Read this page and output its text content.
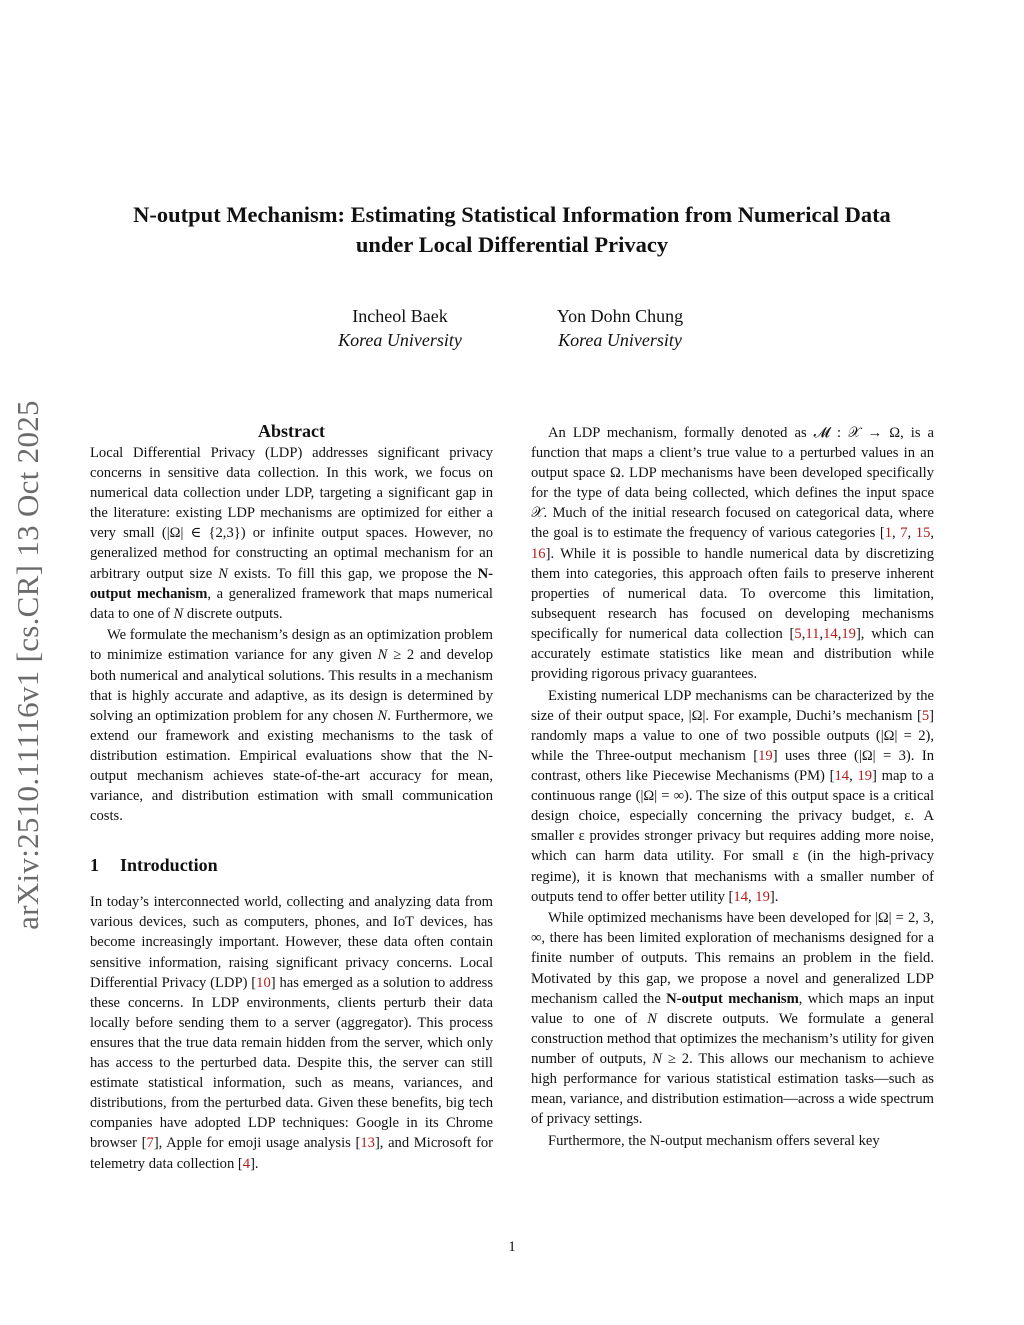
arXiv:2510.11116v1 [cs.CR] 13 Oct 2025
N-output Mechanism: Estimating Statistical Information from Numerical Data
under Local Differential Privacy
Incheol Baek
Korea University
Yon Dohn Chung
Korea University
Abstract

Local Differential Privacy (LDP) addresses significant privacy concerns in sensitive data collection. In this work, we focus on numerical data collection under LDP, targeting a significant gap in the literature: existing LDP mechanisms are optimized for either a very small (|Ω| ∈ {2,3}) or infinite output spaces. However, no generalized method for constructing an optimal mechanism for an arbitrary output size N exists. To fill this gap, we propose the N-output mechanism, a generalized framework that maps numerical data to one of N discrete outputs.

We formulate the mechanism’s design as an optimization problem to minimize estimation variance for any given N ≥ 2 and develop both numerical and analytical solutions. This results in a mechanism that is highly accurate and adaptive, as its design is determined by solving an optimization problem for any chosen N. Furthermore, we extend our framework and existing mechanisms to the task of distribution estimation. Empirical evaluations show that the N-output mechanism achieves state-of-the-art accuracy for mean, variance, and distribution estimation with small communication costs.

1 Introduction

In today’s interconnected world, collecting and analyzing data from various devices, such as computers, phones, and IoT devices, has become increasingly important. However, these data often contain sensitive information, raising significant privacy concerns. Local Differential Privacy (LDP) [10] has emerged as a solution to address these concerns. In LDP environments, clients perturb their data locally before sending them to a server (aggregator). This process ensures that the true data remain hidden from the server, which only has access to the perturbed data. Despite this, the server can still estimate statistical information, such as means, variances, and distributions, from the perturbed data. Given these benefits, big tech companies have adopted LDP techniques: Google in its Chrome browser [7], Apple for emoji usage analysis [13], and Microsoft for telemetry data collection [4].

An LDP mechanism, formally denoted as 𝓜 : 𝒳 → Ω, is a function that maps a client’s true value to a perturbed values in an output space Ω. LDP mechanisms have been developed specifically for the type of data being collected, which defines the input space 𝒳. Much of the initial research focused on categorical data, where the goal is to estimate the frequency of various categories [1, 7, 15, 16]. While it is possible to handle numerical data by discretizing them into categories, this approach often fails to preserve inherent properties of numerical data. To overcome this limitation, subsequent research has focused on developing mechanisms specifically for numerical data collection [5,11,14,19], which can accurately estimate statistics like mean and distribution while providing rigorous privacy guarantees.

Existing numerical LDP mechanisms can be characterized by the size of their output space, |Ω|. For example, Duchi’s mechanism [5] randomly maps a value to one of two possible outputs (|Ω| = 2), while the Three-output mechanism [19] uses three (|Ω| = 3). In contrast, others like Piecewise Mechanisms (PM) [14, 19] map to a continuous range (|Ω| = ∞). The size of this output space is a critical design choice, especially concerning the privacy budget, ε. A smaller ε provides stronger privacy but requires adding more noise, which can harm data utility. For small ε (in the high-privacy regime), it is known that mechanisms with a smaller number of outputs tend to offer better utility [14, 19].

While optimized mechanisms have been developed for |Ω| = 2, 3, ∞, there has been limited exploration of mechanisms designed for a finite number of outputs. This remains an problem in the field. Motivated by this gap, we propose a novel and generalized LDP mechanism called the N-output mechanism, which maps an input value to one of N discrete outputs. We formulate a general construction method that optimizes the mechanism’s utility for given number of outputs, N ≥ 2. This allows our mechanism to achieve high performance for various statistical estimation tasks—such as mean, variance, and distribution estimation—across a wide spectrum of privacy settings.

Furthermore, the N-output mechanism offers several key

1
